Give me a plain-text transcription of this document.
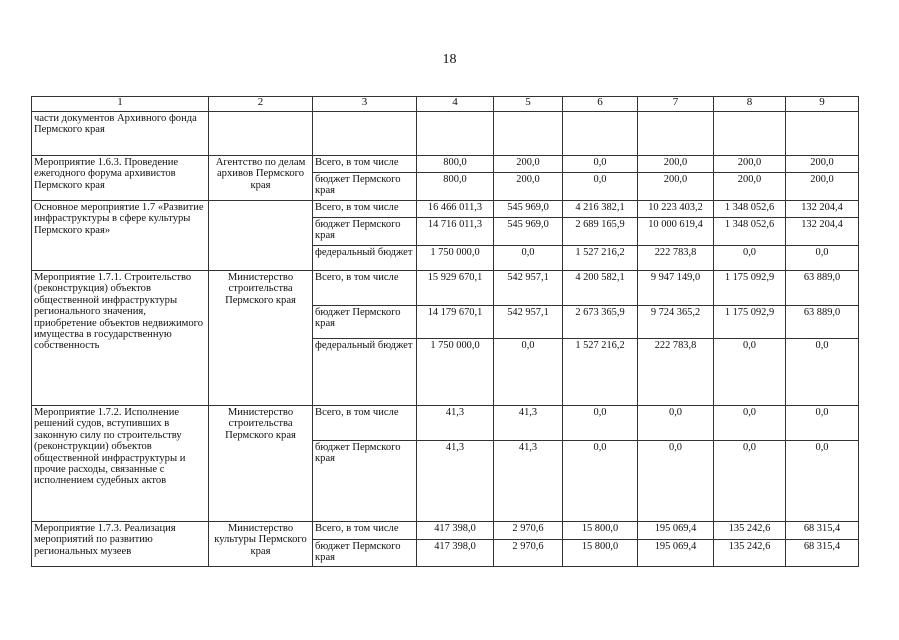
18
1	2	3	4	5	6	7	8	9
части документов Архивного фонда Пермского края								
Мероприятие 1.6.3. Проведение ежегодного форума архивистов Пермского края	Агентство по делам архивов Пермского края	Всего, в том числе	800,0	200,0	0,0	200,0	200,0	200,0
		бюджет Пермского края	800,0	200,0	0,0	200,0	200,0	200,0
Основное мероприятие 1.7 «Развитие инфраструктуры в сфере культуры Пермского края»		Всего, в том числе	16 466 011,3	545 969,0	4 216 382,1	10 223 403,2	1 348 052,6	132 204,4
		бюджет Пермского края	14 716 011,3	545 969,0	2 689 165,9	10 000 619,4	1 348 052,6	132 204,4
		федеральный бюджет	1 750 000,0	0,0	1 527 216,2	222 783,8	0,0	0,0
Мероприятие 1.7.1. Строительство (реконструкция) объектов общественной инфраструктуры регионального значения, приобретение объектов недвижимого имущества в государственную собственность	Министерство строительства Пермского края	Всего, в том числе	15 929 670,1	542 957,1	4 200 582,1	9 947 149,0	1 175 092,9	63 889,0
		бюджет Пермского края	14 179 670,1	542 957,1	2 673 365,9	9 724 365,2	1 175 092,9	63 889,0
		федеральный бюджет	1 750 000,0	0,0	1 527 216,2	222 783,8	0,0	0,0
Мероприятие 1.7.2. Исполнение решений судов, вступивших в законную силу по строительству (реконструкции) объектов общественной инфраструктуры и прочие расходы, связанные с исполнением судебных актов	Министерство строительства Пермского края	Всего, в том числе	41,3	41,3	0,0	0,0	0,0	0,0
		бюджет Пермского края	41,3	41,3	0,0	0,0	0,0	0,0
Мероприятие 1.7.3. Реализация мероприятий по развитию региональных музеев	Министерство культуры Пермского края	Всего, в том числе	417 398,0	2 970,6	15 800,0	195 069,4	135 242,6	68 315,4
		бюджет Пермского края	417 398,0	2 970,6	15 800,0	195 069,4	135 242,6	68 315,4
